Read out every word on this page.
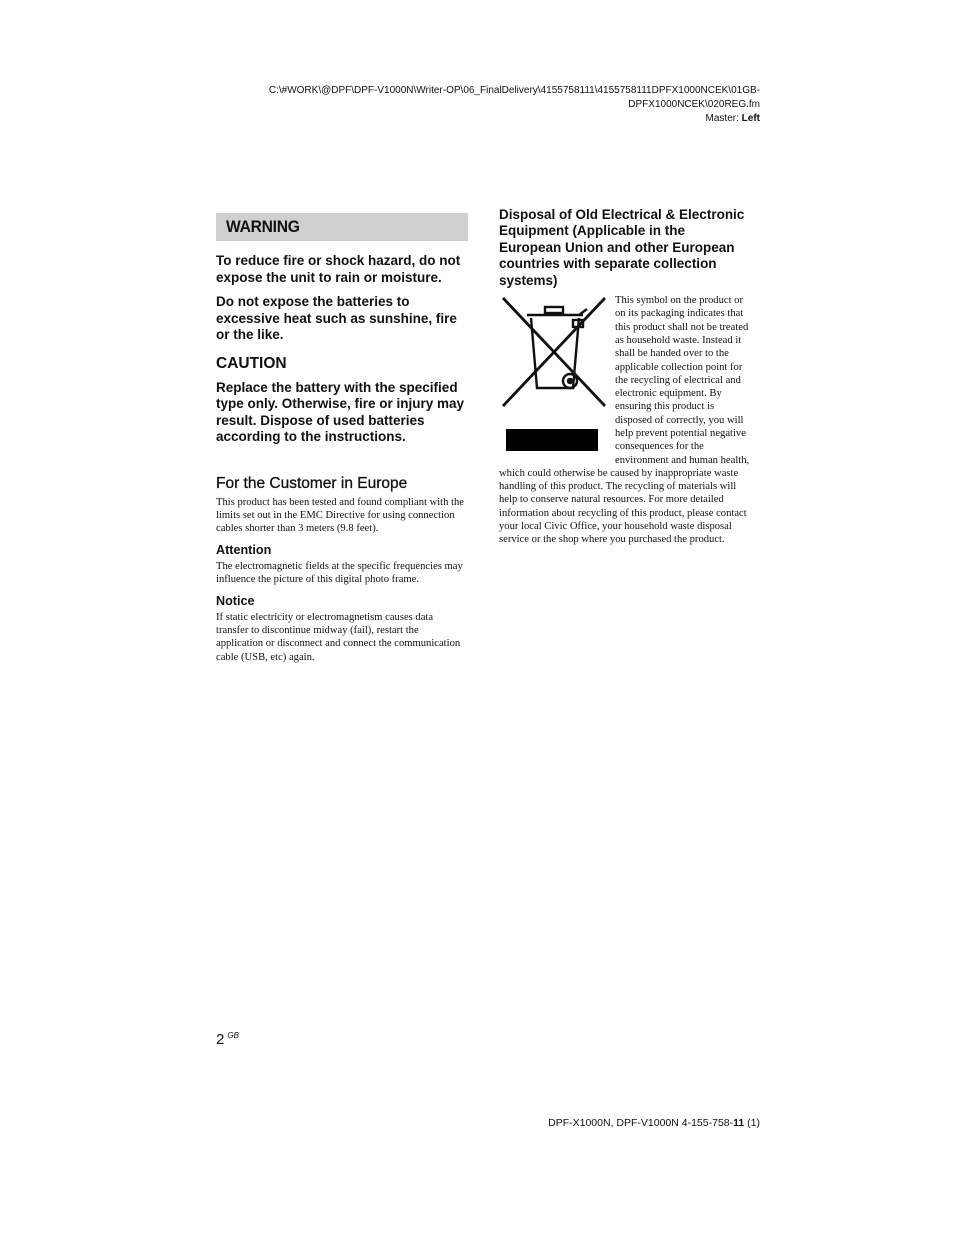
C:\#WORK\@DPF\DPF-V1000N\Writer-OP\06_FinalDelivery\4155758111\4155758111DPFX1000NCEK\01GB-
DPFX1000NCEK\020REG.fm
Master: Left
WARNING

To reduce fire or shock hazard, do not expose the unit to rain or moisture.

Do not expose the batteries to excessive heat such as sunshine, fire or the like.

CAUTION

Replace the battery with the specified type only. Otherwise, fire or injury may result. Dispose of used batteries according to the instructions.

For the Customer in Europe

This product has been tested and found compliant with the limits set out in the EMC Directive for using connection cables shorter than 3 meters (9.8 feet).

Attention

The electromagnetic fields at the specific frequencies may influence the picture of this digital photo frame.

Notice

If static electricity or electromagnetism causes data transfer to discontinue midway (fail), restart the application or disconnect and connect the communication cable (USB, etc) again.

Disposal of Old Electrical & Electronic Equipment (Applicable in the European Union and other European countries with separate collection systems)

This symbol on the product or on its packaging indicates that this product shall not be treated as household waste. Instead it shall be handed over to the applicable collection point for the recycling of electrical and electronic equipment. By ensuring this product is disposed of correctly, you will help prevent potential negative consequences for the environment and human health, which could otherwise be caused by inappropriate waste handling of this product. The recycling of materials will help to conserve natural resources. For more detailed information about recycling of this product, please contact your local Civic Office, your household waste disposal service or the shop where you purchased the product.

2 $^{GB}$
DPF-X1000N, DPF-V1000N 4-155-758-11 (1)
